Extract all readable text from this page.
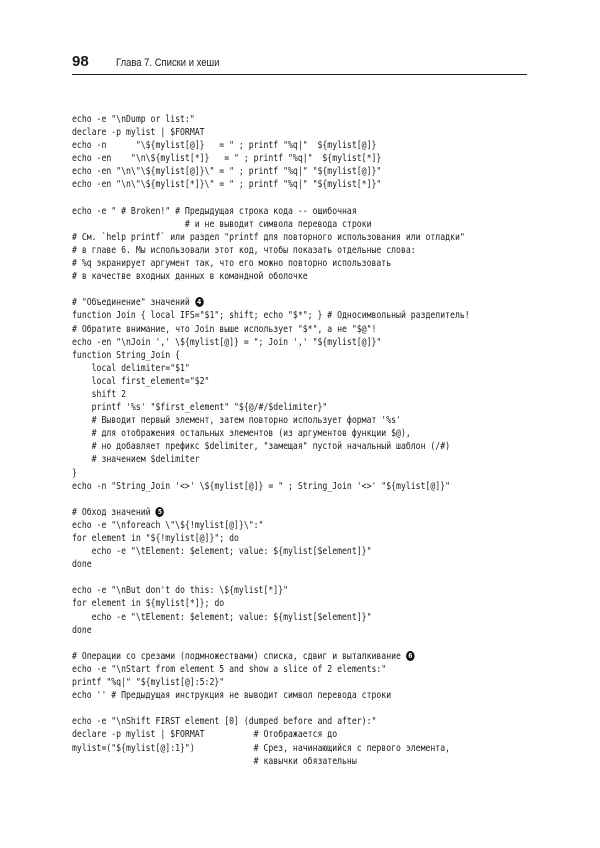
98 Глава 7. Списки и хеши
echo -e "\nDump or list:"
declare -p mylist | $FORMAT
echo -n      "\${mylist[@]}   = " ; printf "%q|"  ${mylist[@]}
echo -en    "\n\${mylist[*]}   = " ; printf "%q|"  ${mylist[*]}
echo -en "\n\"\${mylist[@]}\" = " ; printf "%q|" "${mylist[@]}"
echo -en "\n\"\${mylist[*]}\" = " ; printf "%q|" "${mylist[*]}"
echo -e " # Broken!" # Предыдущая строка кода -- ошибочная
# и не выводит символа перевода строки
# См. `help printf` или раздел "printf для повторного использования или отладки"
# в главе 6. Мы использовали этот код, чтобы показать отдельные слова:
# %q экранирует аргумент так, что его можно повторно использовать
# в качестве входных данных в командной оболочке
# "Объединение" значений 4
function Join { local IFS="$1"; shift; echo "$*"; } # Односимвольный разделитель!
# Обратите внимание, что Join выше использует "$*", а не "$@"!
echo -en "\nJoin ',' \${mylist[@]} = "; Join ',' "${mylist[@]}"
function String_Join {
local delimiter="$1"
local first_element="$2"
shift 2
printf '%s' "$first_element" "${@/#/$delimiter}"
# Выводит первый элемент, затем повторно использует формат '%s'
# для отображения остальных элементов (из аргументов функции $@),
# но добавляет префикс $delimiter, "замещая" пустой начальный шаблон (/#)
# значением $delimiter
}
echo -n "String_Join '<>' \${mylist[@]} = " ; String_Join '<>' "${mylist[@]}"
# Обход значений 5
echo -e "\nforeach \"\${!mylist[@]}\":"
for element in "${!mylist[@]}"; do
echo -e "\tElement: $element; value: ${mylist[$element]}"
done
echo -e "\nBut don't do this: \${mylist[*]}"
for element in ${mylist[*]}; do
echo -e "\tElement: $element; value: ${mylist[$element]}"
done
# Операции со срезами (подмножествами) списка, сдвиг и выталкивание 6
echo -e "\nStart from element 5 and show a slice of 2 elements:"
printf "%q|" "${mylist[@]:5:2}"
echo '' # Предыдущая инструкция не выводит символ перевода строки
echo -e "\nShift FIRST element [0] (dumped before and after):"
declare -p mylist | $FORMAT          # Отображается до
mylist=("${mylist[@]:1}")            # Срез, начинающийся с первого элемента,
# кавычки обязательны
